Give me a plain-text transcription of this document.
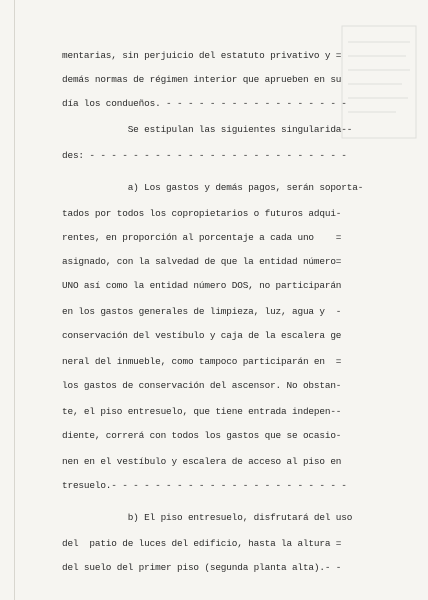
mentarias, sin perjuicio del estatuto privativo y =
demás normas de régimen interior que aprueben en su
día los condueños. - - - - - - - - - - - - - - - - -
Se estipulan las siguientes singularida--
des: - - - - - - - - - - - - - - - - - - - - - - - -
a) Los gastos y demás pagos, serán soporta-
tados por todos los copropietarios o futuros adqui-
rentes, en proporción al porcentaje a cada uno    =
asignado, con la salvedad de que la entidad número=
UNO así como la entidad número DOS, no participarán
en los gastos generales de limpieza, luz, agua y  -
conservación del vestíbulo y caja de la escalera ge
neral del inmueble, como tampoco participarán en  =
los gastos de conservación del ascensor. No obstan-
te, el piso entresuelo, que tiene entrada indepen--
diente, correrá con todos los gastos que se ocasio-
nen en el vestíbulo y escalera de acceso al piso en
tresuelo.- - - - - - - - - - - - - - - - - - - - - -
b) El piso entresuelo, disfrutará del uso
del  patio de luces del edificio, hasta la altura =
del suelo del primer piso (segunda planta alta).- -
